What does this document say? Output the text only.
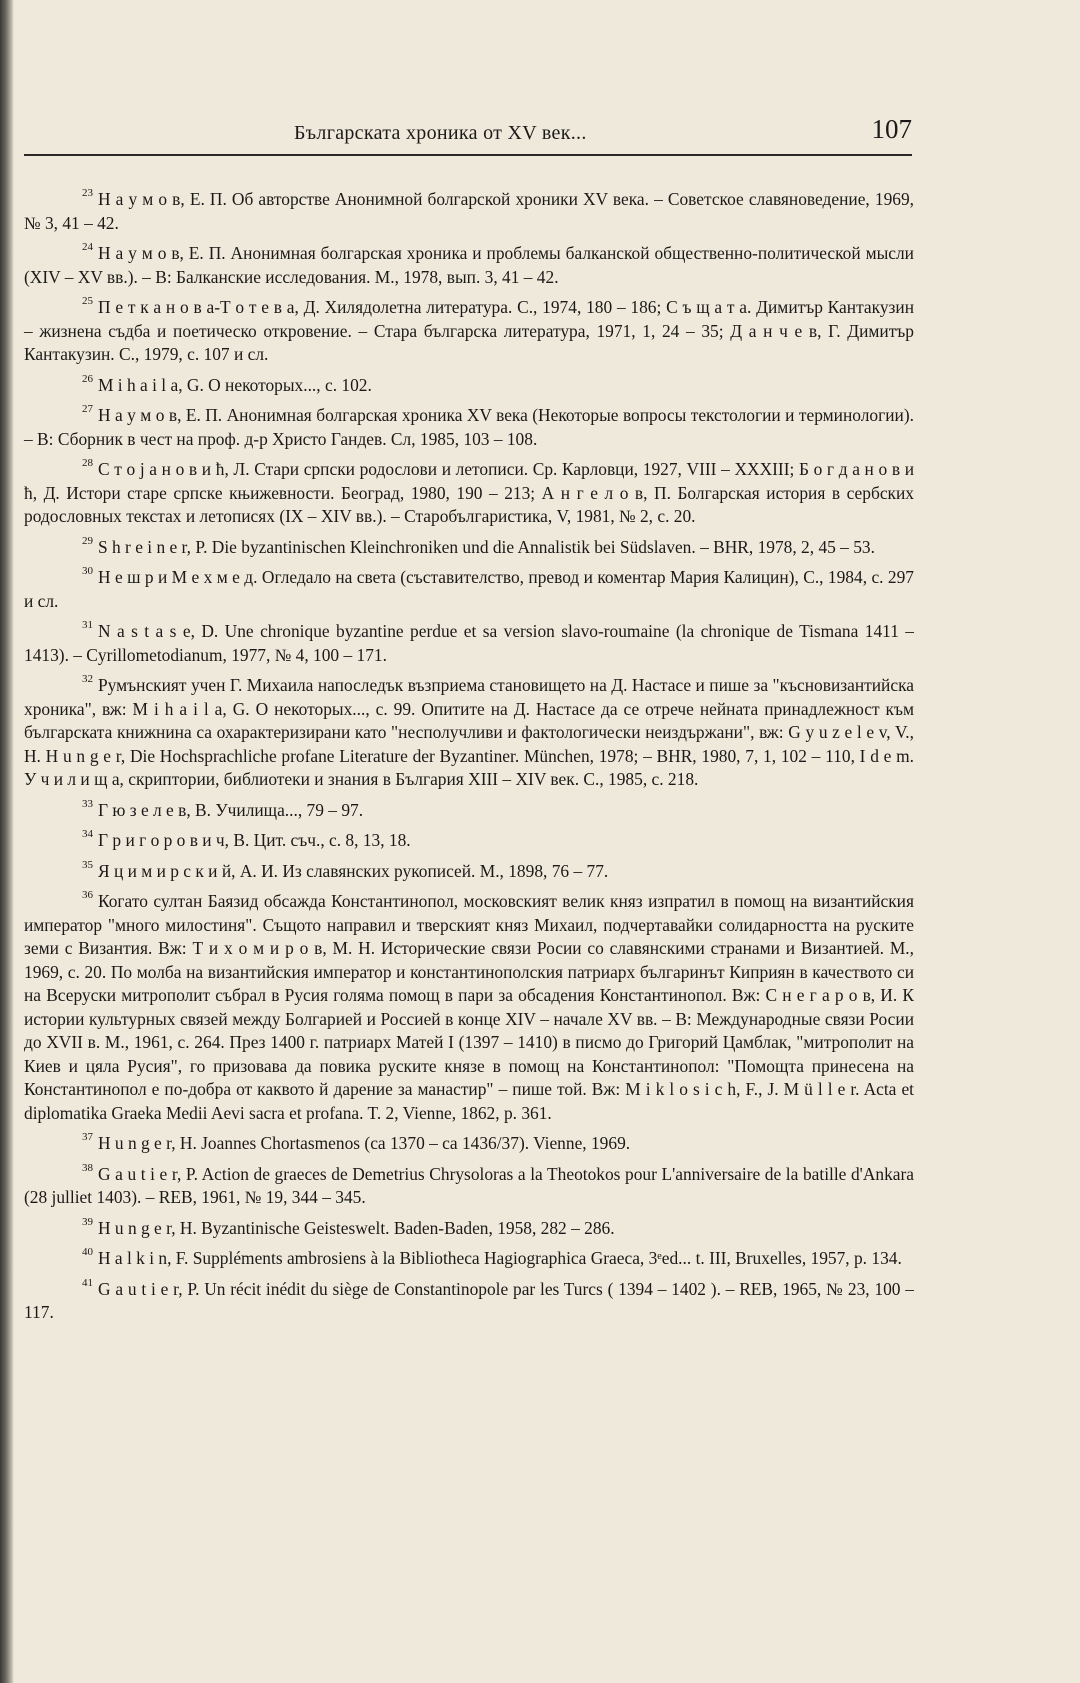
Българската хроника от XV век...	107

$^{23}$ Н а у м о в, Е. П. Об авторстве Анонимной болгарской хроники XV века. – Советское славяноведение, 1969, № 3, 41 – 42.

$^{24}$ Н а у м о в, Е. П. Анонимная болгарская хроника и проблемы балканской общественно-политической мысли (XIV – XV вв.). – В: Балканские исследования. М., 1978, вып. 3, 41 – 42.

$^{25}$ П е т к а н о в а-Т о т е в а, Д. Хилядолетна литература. С., 1974, 180 – 186; С ъ щ а т а. Димитър Кантакузин – жизнена съдба и поетическо откровение. – Стара българска литература, 1971, 1, 24 – 35; Д а н ч е в, Г. Димитър Кантакузин. С., 1979, с. 107 и сл.

$^{26}$ M i h a i l a, G. О некоторых..., с. 102.

$^{27}$ Н а у м о в, Е. П. Анонимная болгарская хроника XV века (Некоторые вопросы текстологии и терминологии). – В: Сборник в чест на проф. д-р Христо Гандев. Сл, 1985, 103 – 108.

$^{28}$ С т о ј а н о в и ћ, Л. Стари српски родослови и летописи. Ср. Карловци, 1927, VIII – XXXIII; Б о г д а н о в и ћ, Д. Истори старе српске књижевности. Београд, 1980, 190 – 213; А н г е л о в, П. Болгарская история в сербских родословных текстах и летописях (IX – XIV вв.). – Старобългаристика, V, 1981, № 2, с. 20.

$^{29}$ S h r e i n e r, P. Die byzantinischen Kleinchroniken und die Annalistik bei Südslaven. – BHR, 1978, 2, 45 – 53.

$^{30}$ Н е ш р и М е х м е д. Огледало на света (съставителство, превод и коментар Мария Калицин), С., 1984, с. 297 и сл.

$^{31}$ N a s t a s e, D. Une chronique byzantine perdue et sa version slavo-roumaine (la chronique de Tismana 1411 – 1413). – Cyrillometodianum, 1977, № 4, 100 – 171.

$^{32}$ Румънският учен Г. Михаила напоследък възприема становището на Д. Настасе и пише за "късновизантийска хроника", вж: M i h a i l a, G. О некоторых..., с. 99. Опитите на Д. Настасе да се отрече нейната принадлежност към българската книжнина са охарактеризирани като "несполучливи и фактологически неиздържани", вж: G y u z e l e v, V., H. H u n g e r, Die Hochsprachliche profane Literature der Byzantiner. München, 1978; – BHR, 1980, 7, 1, 102 – 110, I d e m. У ч и л и щ а, скриптории, библиотеки и знания в България XIII – XIV век. С., 1985, с. 218.

$^{33}$ Г ю з е л е в, В. Училища..., 79 – 97.

$^{34}$ Г р и г о р о в и ч, В. Цит. съч., с. 8, 13, 18.

$^{35}$ Я ц и м и р с к и й, А. И. Из славянских рукописей. М., 1898, 76 – 77.

$^{36}$ Когато султан Баязид обсажда Константинопол, московският велик княз изпратил в помощ на византийския император "много милостиня". Същото направил и тверският княз Михаил, подчертавайки солидарността на руските земи с Византия. Вж: Т и х о м и р о в, М. Н. Исторические связи Росии со славянскими странами и Византией. М., 1969, с. 20. По молба на византийския император и константинополския патриарх българинът Киприян в качеството си на Всеруски митрополит събрал в Русия голяма помощ в пари за обсадения Константинопол. Вж: С н е г а р о в, И. К истории культурных связей между Болгарией и Россией в конце XIV – начале XV вв. – В: Международные связи Росии до XVII в. М., 1961, с. 264. През 1400 г. патриарх Матей I (1397 – 1410) в писмо до Григорий Цамблак, "митрополит на Киев и цяла Русия", го призовава да повика руските князе в помощ на Константинопол: "Помощта принесена на Константинопол е по-добра от каквото й дарение за манастир" – пише той. Вж: M i k l o s i c h, F., J. M ü l l e r. Acta et diplomatika Graeka Medii Aevi sacra et profana. T. 2, Vienne, 1862, p. 361.

$^{37}$ H u n g e r, H. Joannes Chortasmenos (ca 1370 – ca 1436/37). Vienne, 1969.

$^{38}$ G a u t i e r, P. Action de graeces de Demetrius Chrysoloras a la Theotokos pour L'anniversaire de la batille d'Ankara (28 julliet 1403). – REB, 1961, № 19, 344 – 345.

$^{39}$ H u n g e r, H. Byzantinische Geisteswelt. Baden-Baden, 1958, 282 – 286.

$^{40}$ H a l k i n, F. Suppléments ambrosiens à la Bibliotheca Hagiographica Graeca, 3ᵉed... t. III, Bruxelles, 1957, p. 134.

$^{41}$ G a u t i e r, P. Un récit inédit du siège de Constantinopole par les Turcs ( 1394 – 1402 ). – REB, 1965, № 23, 100 – 117.
